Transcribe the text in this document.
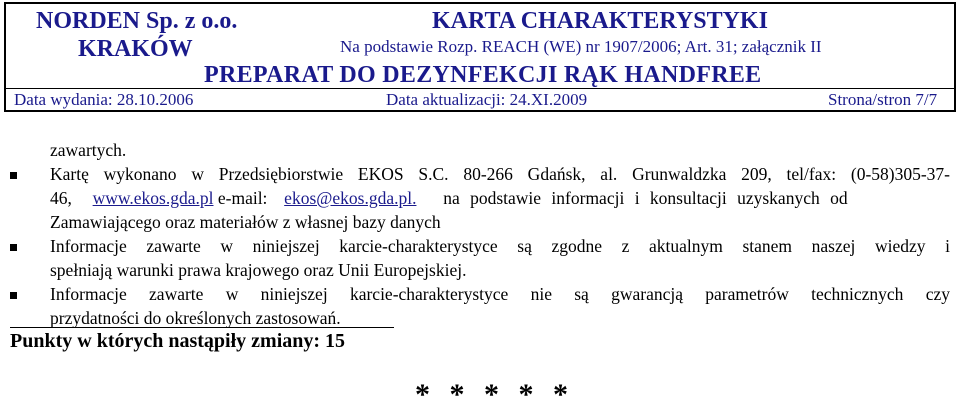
NORDEN Sp. z o.o.
KRAKÓW
KARTA CHARAKTERYSTYKI
Na podstawie Rozp. REACH (WE) nr 1907/2006; Art. 31; załącznik II
PREPARAT DO DEZYNFEKCJI RĄK HANDFREE
Data wydania: 28.10.2006	Data aktualizacji: 24.XI.2009	Strona/stron 7/7
zawartych.
Kartę wykonano w Przedsiębiorstwie EKOS S.C. 80-266 Gdańsk, al. Grunwaldzka 209, tel/fax: (0-58)305-37-
46, www.ekos.gda.pl e-mail: ekos@ekos.gda.pl. na podstawie informacji i konsultacji uzyskanych od
Zamawiającego oraz materiałów z własnej bazy danych
Informacje zawarte w niniejszej karcie-charakterystyce są zgodne z aktualnym stanem naszej wiedzy i
spełniają warunki prawa krajowego oraz Unii Europejskiej.
Informacje zawarte w niniejszej karcie-charakterystyce nie są gwarancją parametrów technicznych czy
przydatności do określonych zastosowań.
Punkty w których nastąpiły zmiany: 15
* * * * *
